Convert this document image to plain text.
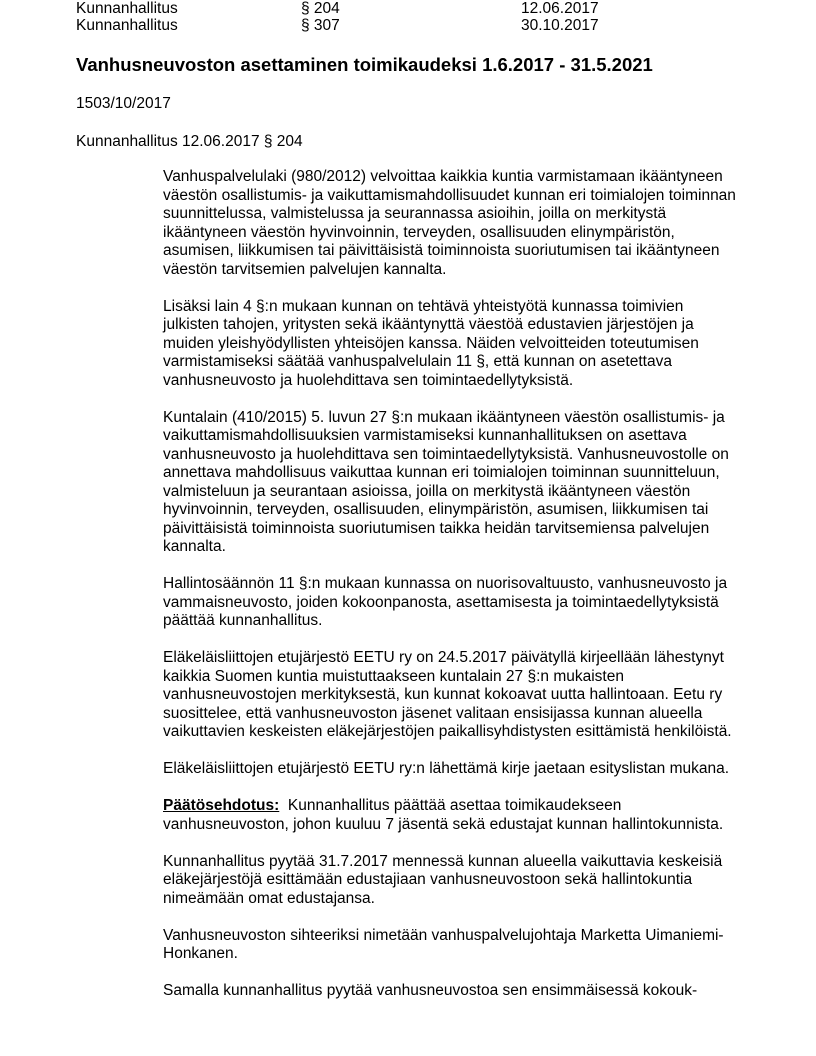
Kunnanhallitus	§ 204	12.06.2017
Kunnanhallitus	§ 307	30.10.2017
Vanhusneuvoston asettaminen toimikaudeksi 1.6.2017 - 31.5.2021
1503/10/2017
Kunnanhallitus 12.06.2017 § 204

Vanhuspalvelulaki (980/2012) velvoittaa kaikkia kuntia varmistamaan ikääntyneen väestön osallistumis- ja vaikuttamismahdollisuudet kunnan eri toimialojen toiminnan suunnittelussa, valmistelussa ja seurannassa asioihin, joilla on merkitystä ikääntyneen väestön hyvinvoinnin, terveyden, osallisuuden elinympäristön, asumisen, liikkumisen tai päivittäisistä toiminnoista suoriutumisen tai ikääntyneen väestön tarvitsemien palvelujen kannalta.

Lisäksi lain 4 §:n mukaan kunnan on tehtävä yhteistyötä kunnassa toimivien julkisten tahojen, yritysten sekä ikääntynyttä väestöä edustavien järjestöjen ja muiden yleishyödyllisten yhteisöjen kanssa. Näiden velvoitteiden toteutumisen varmistamiseksi säätää vanhuspalvelulain 11 §, että kunnan on asetettava vanhusneuvosto ja huolehdittava sen toimintaedellytyksistä.

Kuntalain (410/2015) 5. luvun 27 §:n mukaan ikääntyneen väestön osallistumis- ja vaikuttamismahdollisuuksien varmistamiseksi kunnanhallituksen on asettava vanhusneuvosto ja huolehdittava sen toimintaedellytyksistä. Vanhusneuvostolle on annettava mahdollisuus vaikuttaa kunnan eri toimialojen toiminnan suunnitteluun, valmisteluun ja seurantaan asioissa, joilla on merkitystä ikääntyneen väestön hyvinvoinnin, terveyden, osallisuuden, elinympäristön, asumisen, liikkumisen tai päivittäisistä toiminnoista suoriutumisen taikka heidän tarvitsemiensa palvelujen kannalta.

Hallintosäännön 11 §:n mukaan kunnassa on nuorisovaltuusto, vanhusneuvosto ja vammaisneuvosto, joiden kokoonpanosta, asettamisesta ja toimintaedellytyksistä päättää kunnanhallitus.

Eläkeläisliittojen etujärjestö EETU ry on 24.5.2017 päivätyllä kirjeellään lähestynyt kaikkia Suomen kuntia muistuttaakseen kuntalain 27 §:n mukaisten vanhusneuvostojen merkityksestä, kun kunnat kokoavat uutta hallintoaan. Eetu ry suosittelee, että vanhusneuvoston jäsenet valitaan ensisijassa kunnan alueella vaikuttavien keskeisten eläkejärjestöjen paikallisyhdistysten esittämistä henkilöistä.

Eläkeläisliittojen etujärjestö EETU ry:n lähettämä kirje jaetaan esityslistan mukana.

Päätösehdotus: Kunnanhallitus päättää asettaa toimikaudekseen vanhusneuvoston, johon kuuluu 7 jäsentä sekä edustajat kunnan hallintokunnista.

Kunnanhallitus pyytää 31.7.2017 mennessä kunnan alueella vaikuttavia keskeisiä eläkejärjestöjä esittämään edustajiaan vanhusneuvostoon sekä hallintokuntia nimeämään omat edustajansa.

Vanhusneuvoston sihteeriksi nimetään vanhuspalvelujohtaja Marketta Uimaniemi-Honkanen.

Samalla kunnanhallitus pyytää vanhusneuvostoa sen ensimmäisessä kokouk-
